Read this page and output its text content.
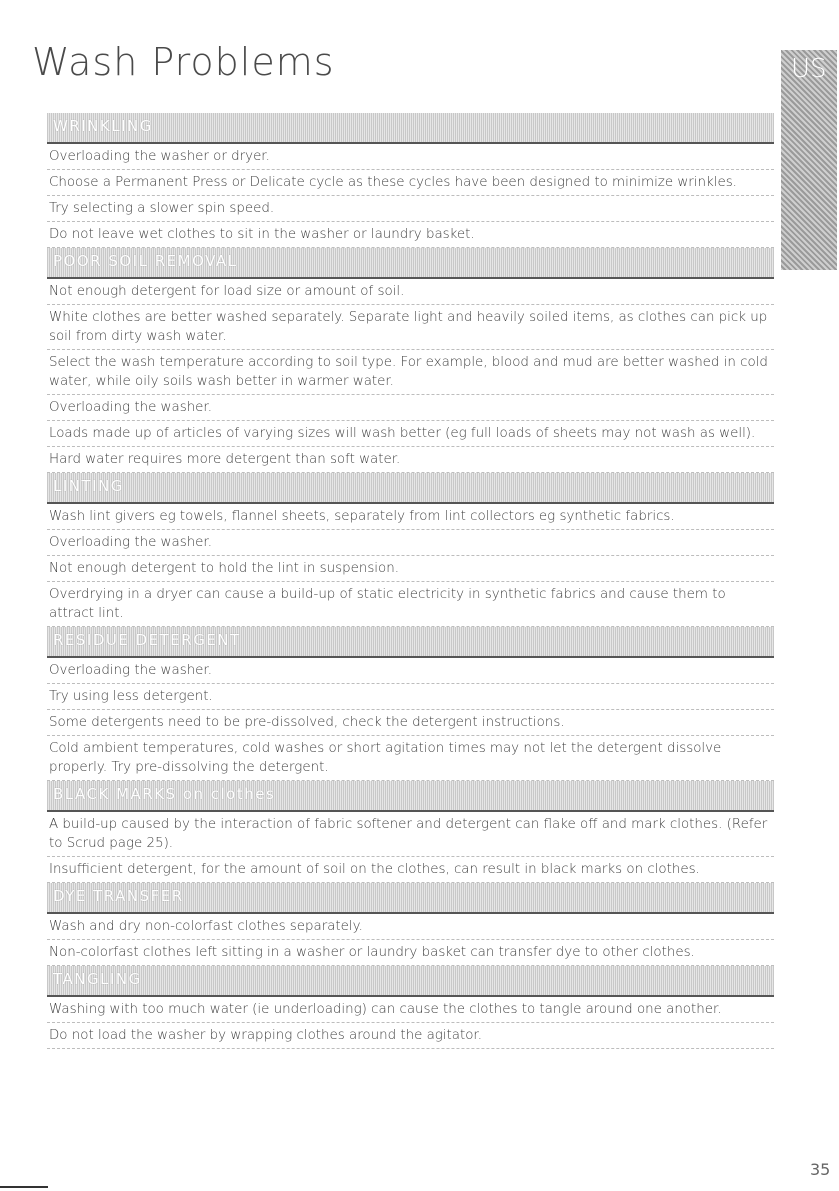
Wash Problems	US
WRINKLING
Overloading the washer or dryer.
Choose a Permanent Press or Delicate cycle as these cycles have been designed to minimize wrinkles.
Try selecting a slower spin speed.
Do not leave wet clothes to sit in the washer or laundry basket.
POOR SOIL REMOVAL
Not enough detergent for load size or amount of soil.
White clothes are better washed separately. Separate light and heavily soiled items, as clothes can pick up soil from dirty wash water.
Select the wash temperature according to soil type. For example, blood and mud are better washed in cold water, while oily soils wash better in warmer water.
Overloading the washer.
Loads made up of articles of varying sizes will wash better (eg full loads of sheets may not wash as well).
Hard water requires more detergent than soft water.
LINTING
Wash lint givers eg towels, flannel sheets, separately from lint collectors eg synthetic fabrics.
Overloading the washer.
Not enough detergent to hold the lint in suspension.
Overdrying in a dryer can cause a build-up of static electricity in synthetic fabrics and cause them to attract lint.
RESIDUE DETERGENT
Overloading the washer.
Try using less detergent.
Some detergents need to be pre-dissolved, check the detergent instructions.
Cold ambient temperatures, cold washes or short agitation times may not let the detergent dissolve properly. Try pre-dissolving the detergent.
BLACK MARKS on clothes
A build-up caused by the interaction of fabric softener and detergent can flake off and mark clothes. (Refer to Scrud page 25).
Insufficient detergent, for the amount of soil on the clothes, can result in black marks on clothes.
DYE TRANSFER
Wash and dry non-colorfast clothes separately.
Non-colorfast clothes left sitting in a washer or laundry basket can transfer dye to other clothes.
TANGLING
Washing with too much water (ie underloading) can cause the clothes to tangle around one another.
Do not load the washer by wrapping clothes around the agitator.
35
